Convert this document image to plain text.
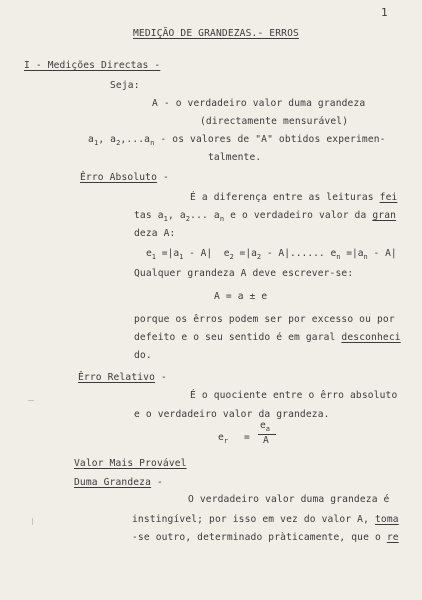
1
MEDIÇÃO DE GRANDEZAS.- ERROS
I - Medições Directas -
Seja:
A - o verdadeiro valor duma grandeza
(directamente mensurável)
$a_1$, $a_2,...a_n$ - os valores de "A" obtidos experimen-
talmente.
Êrro Absoluto -
É a diferença entre as leituras fei
tas $a_1$, $a_2$... $a_n$ e o verdadeiro valor da gran
deza A:
$e_1 =|a_1 - A|$ $e_2 =|a_2 - A|$...... $e_n =|a_n - A|$
Qualquer grandeza A deve escrever-se:
A = a ± e
porque os êrros podem ser por excesso ou por
defeito e o seu sentido é em garal desconheci
do.
Êrro Relativo -
É o quociente entre o êrro absoluto
e o verdadeiro valor da grandeza.
$e_r$ =
$e_a$
A
Valor Mais Provável
Duma Grandeza -
O verdadeiro valor duma grandeza é
instingível; por isso em vez do valor A, toma
-se outro, determinado pràticamente, que o re
